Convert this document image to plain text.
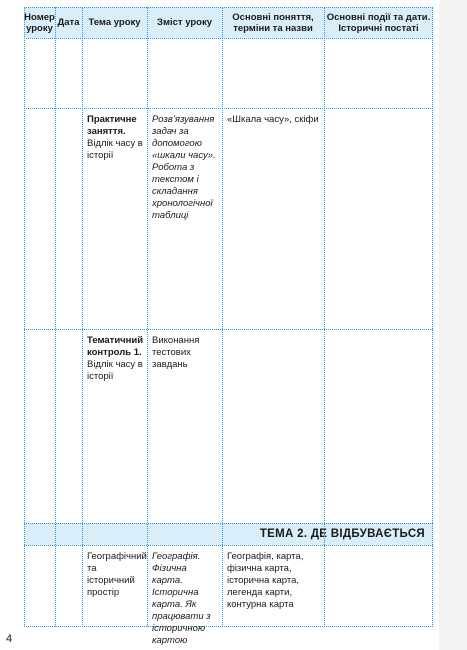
Номер уроку Дата Тема уроку	Зміст уроку	Основні поняття, терміни та назви
Основні події та дати. Історичні постаті
ТЕМА 2. ДЕ ВІДБУВАЄТЬСЯ
Практичне заняття.
Відлік часу в історії
Розв’язування задач за допомогою «шкали часу». Робота з текстом і складання хронологічної таблиці
«Шкала часу», скіфи
Тематичний контроль 1.
Відлік часу в історії
Виконання тестових завдань
Географічний та історичний простір
Географія. Фізична карта. Історична карта. Як працювати з історичною картою
Географія, карта, фізична карта, історична карта, легенда карти, контурна карта
4
